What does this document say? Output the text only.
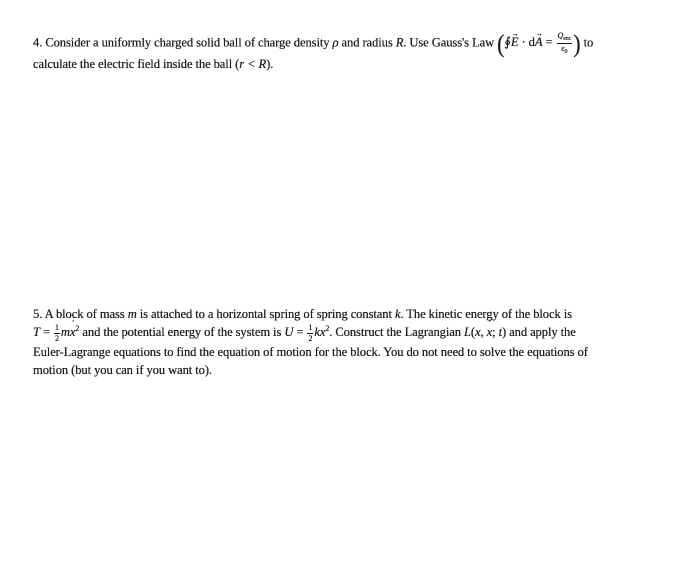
4. Consider a uniformly charged solid ball of charge density ρ and radius R. Use Gauss's Law (∮E → · dA → = $\frac{Q_{enc}}{\varepsilon_0}$ ) to
calculate the electric field inside the ball (r < R).
5. A block of mass m is attached to a horizontal spring of spring constant k. The kinetic energy of the block is
$T = \frac{1}{2}$ mx ˙$^2$ and the potential energy of the system is $U = \frac{1}{2} kx^2$. Construct the Lagrangian L(x, x ˙; t) and apply the
Euler-Lagrange equations to find the equation of motion for the block. You do not need to solve the equations of
motion (but you can if you want to).
